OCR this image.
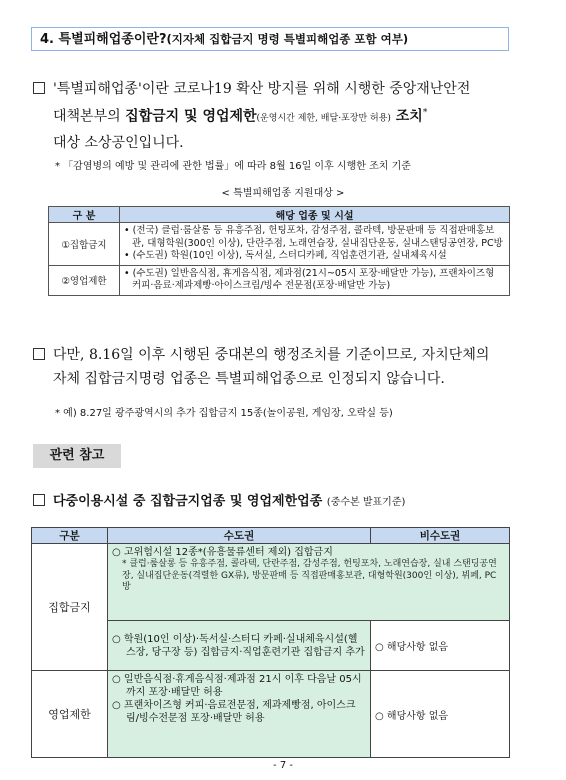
4. 특별피해업종이란?(지자체 집합금지 명령 특별피해업종 포함 여부)
'특별피해업종'이란 코로나19 확산 방지를 위해 시행한 중앙재난안전
대책본부의 집합금지 및 영업제한(운영시간 제한, 배달·포장만 허용) 조치*
대상 소상공인입니다.
* 「감염병의 예방 및 관리에 관한 법률」에 따라 8월 16일 이후 시행한 조치 기준
< 특별피해업종 지원대상 >
구 분	해당 업종 및 시설
①집합금지	• (전국) 클럽·룸살롱 등 유흥주점, 헌팅포차, 감성주점, 콜라텍, 방문판매 등 직접판매홍보관, 대형학원(300인 이상), 단란주점, 노래연습장, 실내집단운동, 실내스탠딩공연장, PC방
• (수도권) 학원(10인 이상), 독서실, 스터디카페, 직업훈련기관, 실내체육시설

②영업제한	• (수도권) 일반음식점, 휴게음식점, 제과점(21시~05시 포장·배달만 가능), 프랜차이즈형 커피·음료·제과제빵·아이스크림/빙수 전문점(포장·배달만 가능)
다만, 8.16일 이후 시행된 중대본의 행정조치를 기준이므로, 자치단체의
자체 집합금지명령 업종은 특별피해업종으로 인정되지 않습니다.
* 예) 8.27일 광주광역시의 추가 집합금지 15종(놀이공원, 게임장, 오락실 등)
관련 참고
다중이용시설 중 집합금지업종 및 영업제한업종 (중수본 발표기준)
구분	수도권	비수도권
집합금지	○ 고위험시설 12종*(유흥물류센터 제외) 집합금지
* 클럽·룸살롱 등 유흥주점, 콜라텍, 단란주점, 감성주점, 헌팅포차, 노래연습장, 실내 스탠딩공연장, 실내집단운동(격렬한 GX류), 방문판매 등 직접판매홍보관, 대형학원(300인 이상), 뷔페, PC방	

	○ 학원(10인 이상)·독서실·스터디 카페·실내체육시설(헬스장, 당구장 등) 집합금지·직업훈련기관 집합금지 추가	○ 해당사항 없음
영업제한	○ 일반음식점·휴게음식점·제과점 21시 이후 다음날 05시까지 포장·배달만 허용
○ 프랜차이즈형 커피·음료전문점, 제과제빵점, 아이스크림/빙수전문점 포장·배달만 허용	○ 해당사항 없음
- 7 -
